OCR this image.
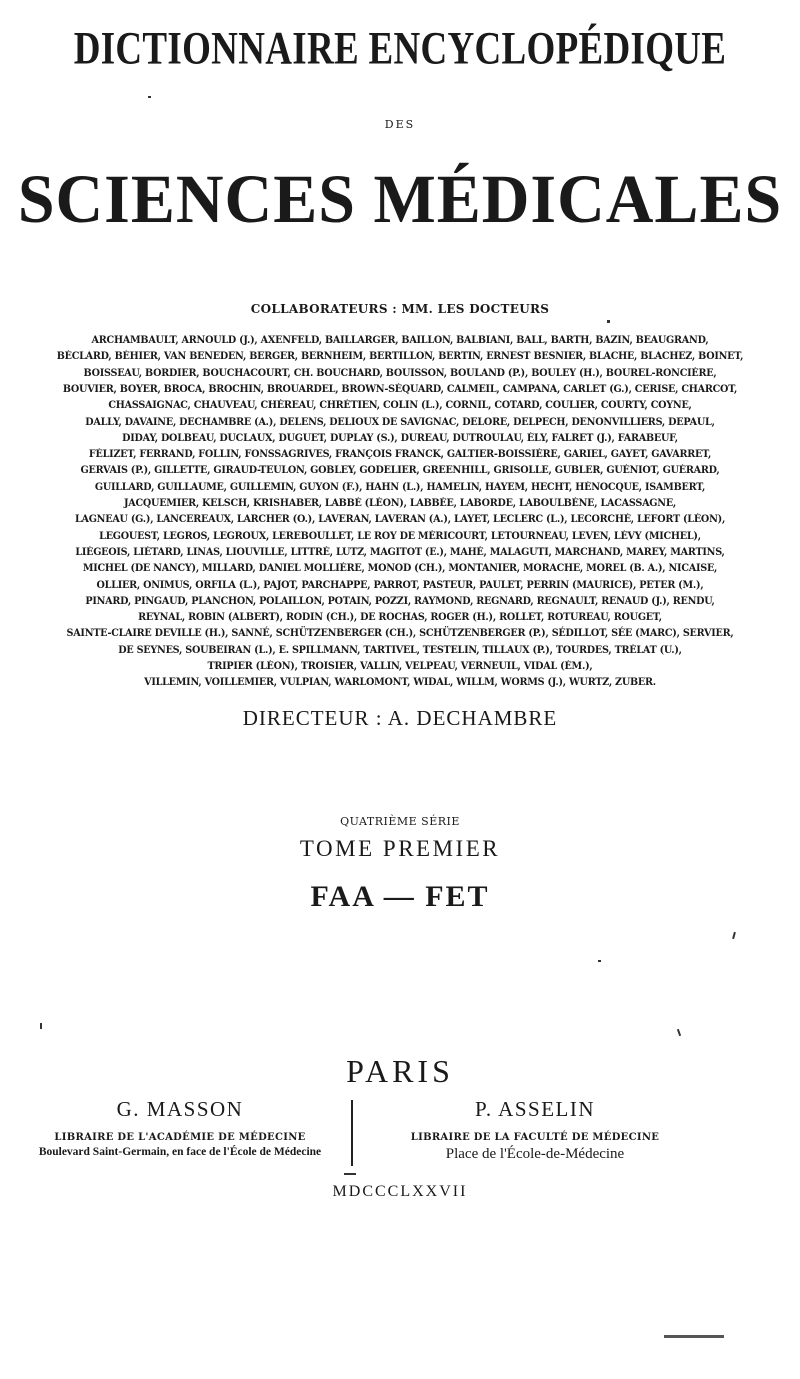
DICTIONNAIRE ENCYCLOPÉDIQUE
DES
SCIENCES MÉDICALES
COLLABORATEURS : MM. LES DOCTEURS
ARCHAMBAULT, ARNOULD (J.), AXENFELD, BAILLARGER, BAILLON, BALBIANI, BALL, BARTH, BAZIN, BEAUGRAND,
BÉCLARD, BÉHIER, VAN BENEDEN, BERGER, BERNHEIM, BERTILLON, BERTIN, ERNEST BESNIER, BLACHE, BLACHEZ, BOINET,
BOISSEAU, BORDIER, BOUCHACOURT, CH. BOUCHARD, BOUISSON, BOULAND (P.), BOULEY (H.), BOUREL-RONCIÈRE,
BOUVIER, BOYER, BROCA, BROCHIN, BROUARDEL, BROWN-SÉQUARD, CALMEIL, CAMPANA, CARLET (G.), CERISE, CHARCOT,
CHASSAIGNAC, CHAUVEAU, CHÉREAU, CHRÉTIEN, COLIN (L.), CORNIL, COTARD, COULIER, COURTY, COYNE,
DALLY, DAVAINE, DECHAMBRE (A.), DELENS, DELIOUX DE SAVIGNAC, DELORE, DELPECH, DENONVILLIERS, DEPAUL,
DIDAY, DOLBEAU, DUCLAUX, DUGUET, DUPLAY (S.), DUREAU, DUTROULAU, ÉLY, FALRET (J.), FARABEUF,
FÉLIZET, FERRAND, FOLLIN, FONSSAGRIVES, FRANÇOIS FRANCK, GALTIER-BOISSIÈRE, GARIEL, GAYET, GAVARRET,
GERVAIS (P.), GILLETTE, GIRAUD-TEULON, GOBLEY, GODELIER, GREENHILL, GRISOLLE, GUBLER, GUÉNIOT, GUÉRARD,
GUILLARD, GUILLAUME, GUILLEMIN, GUYON (F.), HAHN (L.), HAMELIN, HAYEM, HECHT, HÉNOCQUE, ISAMBERT,
JACQUEMIER, KELSCH, KRISHABER, LABBÉ (LÉON), LABBÉE, LABORDE, LABOULBÈNE, LACASSAGNE,
LAGNEAU (G.), LANCEREAUX, LARCHER (O.), LAVERAN, LAVERAN (A.), LAYET, LECLERC (L.), LECORCHÉ, LEFORT (LÉON),
LEGOUEST, LEGROS, LEGROUX, LEREBOULLET, LE ROY DE MÉRICOURT, LETOURNEAU, LEVEN, LÉVY (MICHEL),
LIÉGEOIS, LIÉTARD, LINAS, LIOUVILLE, LITTRÉ, LUTZ, MAGITOT (E.), MAHÉ, MALAGUTI, MARCHAND, MAREY, MARTINS,
MICHEL (DE NANCY), MILLARD, DANIEL MOLLIÈRE, MONOD (CH.), MONTANIER, MORACHE, MOREL (B. A.), NICAISE,
OLLIER, ONIMUS, ORFILA (L.), PAJOT, PARCHAPPE, PARROT, PASTEUR, PAULET, PERRIN (MAURICE), PETER (M.),
PINARD, PINGAUD, PLANCHON, POLAILLON, POTAIN, POZZI, RAYMOND, REGNARD, REGNAULT, RENAUD (J.), RENDU,
REYNAL, ROBIN (ALBERT), RODIN (CH.), DE ROCHAS, ROGER (H.), ROLLET, ROTUREAU, ROUGET,
SAINTE-CLAIRE DEVILLE (H.), SANNÉ, SCHÜTZENBERGER (CH.), SCHÜTZENBERGER (P.), SÉDILLOT, SÉE (MARC), SERVIER,
DE SEYNES, SOUBEIRAN (L.), E. SPILLMANN, TARTIVEL, TESTELIN, TILLAUX (P.), TOURDES, TRÉLAT (U.),
TRIPIER (LÉON), TROISIER, VALLIN, VELPEAU, VERNEUIL, VIDAL (ÉM.),
VILLEMIN, VOILLEMIER, VULPIAN, WARLOMONT, WIDAL, WILLM, WORMS (J.), WURTZ, ZUBER.
DIRECTEUR : A. DECHAMBRE
QUATRIÈME SÉRIE
TOME PREMIER
FAA — FET
PARIS
G. MASSON
LIBRAIRE DE L'ACADÉMIE DE MÉDECINE
Boulevard Saint-Germain, en face de l'École de Médecine
P. ASSELIN
LIBRAIRE DE LA FACULTÉ DE MÉDECINE
Place de l'École-de-Médecine
MDCCCLXXVII
